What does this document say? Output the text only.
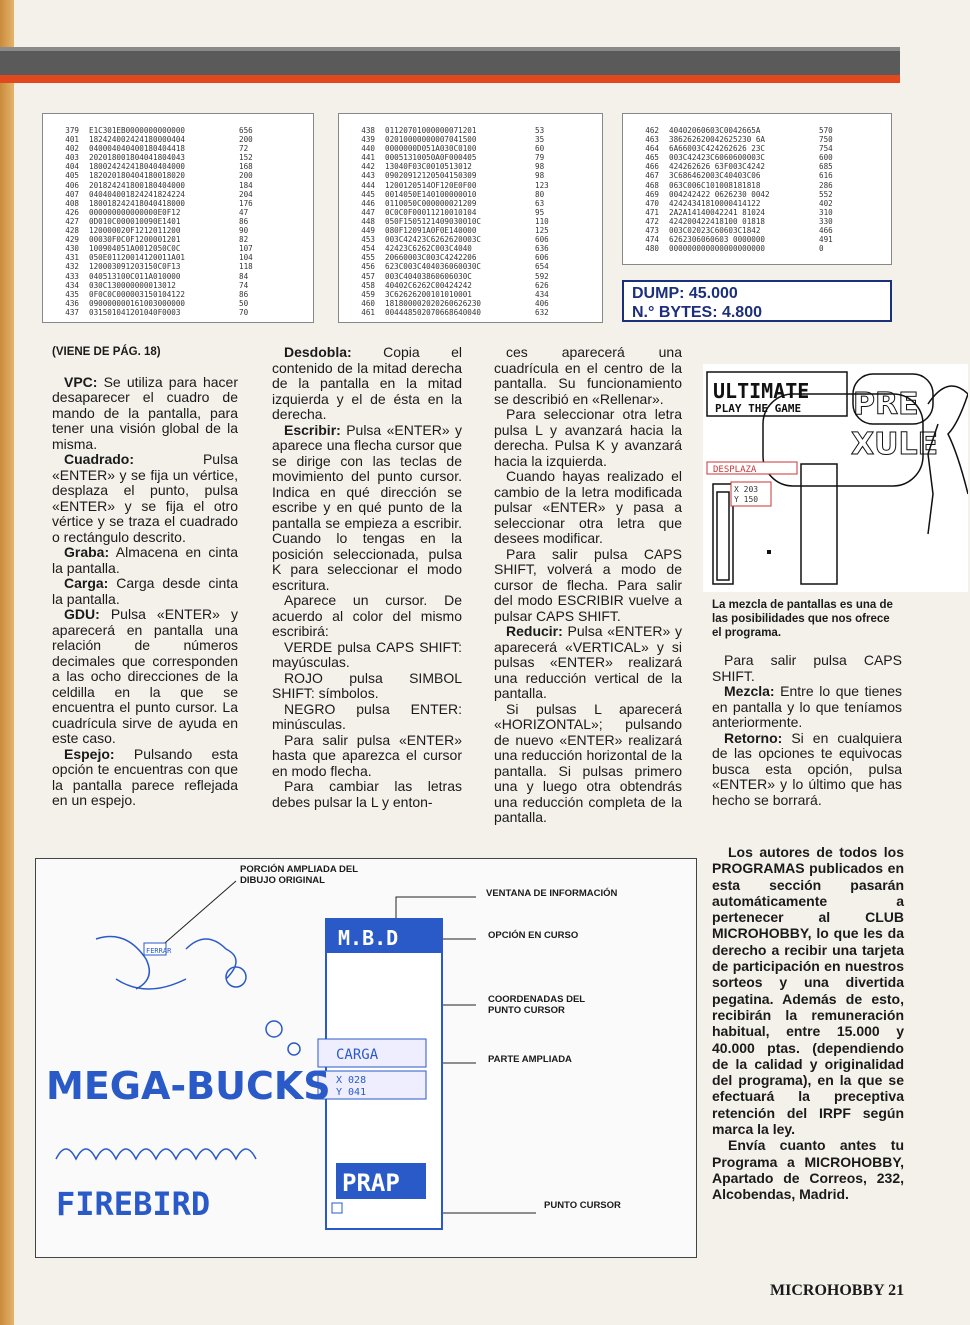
379	E1C301EB0000000000000	656
401	182424002424180000404	200
402	040004040400180404418	72
403	202018001804041804043	152
404	180024242418040404000	168
405	182020180404180018020	200
406	201824241800180404000	184
407	040404001824241824224	204
408	180018242418040418000	176
426	000000000000000E0F12	47
427	0D010C000010090E1401	86
428	120000020F1212011200	90
429	00030F0C0F1200001201	82
430	100904051A0012050C0C	107
431	050E01120014120011A01	104
432	120003091203150C0F13	118
433	040513100C011A010000	84
434	030C130000000013012	74
435	0F0C0C000003150104122	86
436	090000000161003000000	50
437	031501041201040F0003	70
438	01120701000000071201	53
439	02010000000007041500	35
440	0000000D051A030C0100	60
441	00051310050A0F000405	79
442	13040F03C0010513012	98
443	09020912120504150309	98
444	1200120514OF120E0F00	123
445	0014050E140100000010	80
446	0110050C000000021209	63
447	0C0C0F00011210010104	95
448	050F1505121409030010C	110
449	080F12091A0F0E140000	125
453	003C42423C6262620003C	606
454	42423C6262C003C4040	636
455	20660003C003C4242206	606
456	623C003C404036060030C	654
457	003C40403860606030C	592
458	40402C6262C00424242	626
459	3C62626200101010001	434
460	181800002020260626230	406
461	004448502070668640040	632
462	40402060603C0042665A	570
463	386262620042625230 6A	750
464	6A66003C424262626 23C	754
465	003C42423C6060600003C	600
466	424262626 63F003C4242	685
467	3C686462003C40403C06	616
468	063C006C101008181818	286
469	004242422 0626230 0042	552
470	42424341810000414122	402
471	2A2A14140042241 81024	310
472	424200422418100 01818	330
473	003C02023C60603C1842	466
474	6262306060603 0000000	491
480	000000000000000000000	0
DUMP: 45.000
N.° BYTES: 4.800

(VIENE DE PÁG. 18)

VPC: Se utiliza para hacer desaparecer el cuadro de mando de la pantalla, para tener una visión global de la misma.

Cuadrado: Pulsa «ENTER» y se fija un vértice, desplaza el punto, pulsa «ENTER» y se fija el otro vértice y se traza el cuadrado o rectángulo descrito.

Graba: Almacena en cinta la pantalla.

Carga: Carga desde cinta la pantalla.

GDU: Pulsa «ENTER» y aparecerá en pantalla una relación de números decimales que corresponden a las ocho direcciones de la celdilla en la que se encuentra el punto cursor. La cuadrícula sirve de ayuda en este caso.

Espejo: Pulsando esta opción te encuentras con que la pantalla parece reflejada en un espejo.

Desdobla: Copia el contenido de la mitad derecha de la pantalla en la mitad izquierda y el de ésta en la derecha.

Escribir: Pulsa «ENTER» y aparece una flecha cursor que se dirige con las teclas de movimiento del punto cursor. Indica en qué dirección se escribe y en qué punto de la pantalla se empieza a escribir. Cuando lo tengas en la posición seleccionada, pulsa K para seleccionar el modo escritura.

Aparece un cursor. De acuerdo al color del mismo escribirá:

VERDE pulsa CAPS SHIFT: mayúsculas.

ROJO pulsa SIMBOL SHIFT: símbolos.

NEGRO pulsa ENTER: minúsculas.

Para salir pulsa «ENTER» hasta que aparezca el cursor en modo flecha.

Para cambiar las letras debes pulsar la L y enton-

ces aparecerá una cuadrícula en el centro de la pantalla. Su funcionamiento se describió en «Rellenar».

Para seleccionar otra letra pulsa L y avanzará hacia la derecha. Pulsa K y avanzará hacia la izquierda.

Cuando hayas realizado el cambio de la letra modificada pulsar «ENTER» y pasa a seleccionar otra letra que desees modificar.

Para salir pulsa CAPS SHIFT, volverá a modo de cursor de flecha. Para salir del modo ESCRIBIR vuelve a pulsar CAPS SHIFT.

Reducir: Pulsa «ENTER» y aparecerá «VERTICAL» y si pulsas «ENTER» realizará una reducción vertical de la pantalla.

Si pulsas L aparecerá «HORIZONTAL»; pulsando de nuevo «ENTER» realizará una reducción horizontal de la pantalla. Si pulsas primero una y luego otra obtendrás una reducción completa de la pantalla.

Para salir pulsa CAPS SHIFT.

Mezcla: Entre lo que tienes en pantalla y lo que teníamos anteriormente.

Retorno: Si en cualquiera de las opciones te equivocas busca esta opción, pulsa «ENTER» y lo último que has hecho se borrará.

ULTIMATE
PLAY THE GAME PRE
XULE
DESPLAZA
X 203
Y 150
La mezcla de pantallas es una de las posibilidades que nos ofrece el programa.
M.B.D
CARGA
X 028
Y 041
PRAP
FERRAR
MEGA-BUCKS
FIREBIRD
PORCIÓN AMPLIADA DEL DIBUJO ORIGINAL
VENTANA DE INFORMACIÓN
OPCIÓN EN CURSO
COORDENADAS DEL PUNTO CURSOR
PARTE AMPLIADA
PUNTO CURSOR

Los autores de todos los PROGRAMAS publicados en esta sección pasarán automáticamente a pertenecer al CLUB MICROHOBBY, lo que les da derecho a recibir una tarjeta de participación en nuestros sorteos y una divertida pegatina. Además de esto, recibirán la remuneración habitual, entre 15.000 y 40.000 ptas. (dependiendo de la calidad y originalidad del programa), en la que se efectuará la preceptiva retención del IRPF según marca la ley.

Envía cuanto antes tu Programa a MICROHOBBY, Apartado de Correos, 232, Alcobendas, Madrid.

MICROHOBBY 21
